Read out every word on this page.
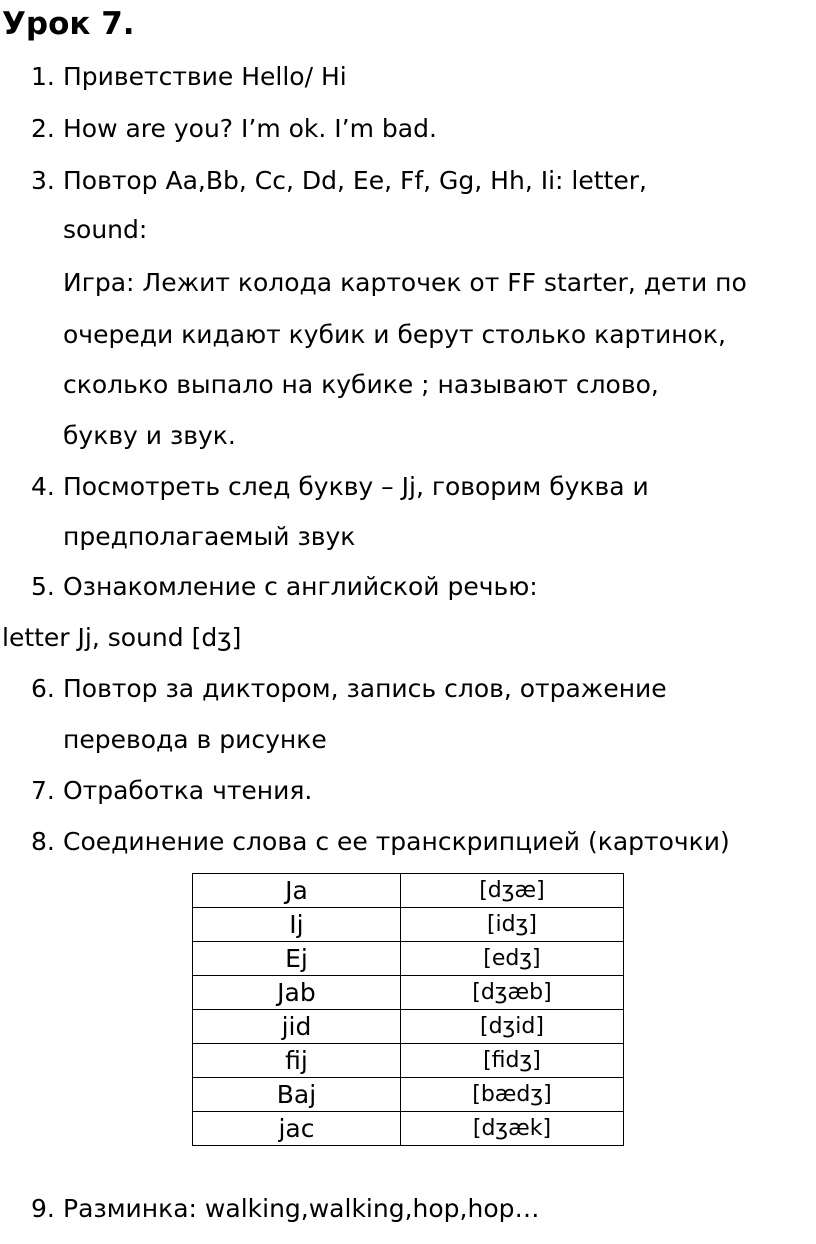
Урок 7.
1. Приветствие Hello/ Hi
2. How are you? I’m ok. I’m bad.
3. Повтор Aa,Bb, Cc, Dd, Ee, Ff, Gg, Hh, Ii: letter,
sound:
Игра: Лежит колода карточек от FF starter, дети по
очереди кидают кубик и берут столько картинок,
сколько выпало на кубике ; называют слово,
букву и звук.
4. Посмотреть след букву – Jj, говорим буква и
предполагаемый звук
5. Ознакомление с английской речью:
letter Jj, sound [dʒ]
6. Повтор за диктором, запись слов, отражение
перевода в рисунке
7. Отработка чтения.
8. Соединение слова с ее транскрипцией (карточки)
Ja	[dʒæ]
Ij	[idʒ]
Ej	[edʒ]
Jab	[dʒæb]
jid	[dʒid]
fij	[fidʒ]
Baj	[bædʒ]
jac	[dʒæk]
9. Разминка: walking,walking,hop,hop…
